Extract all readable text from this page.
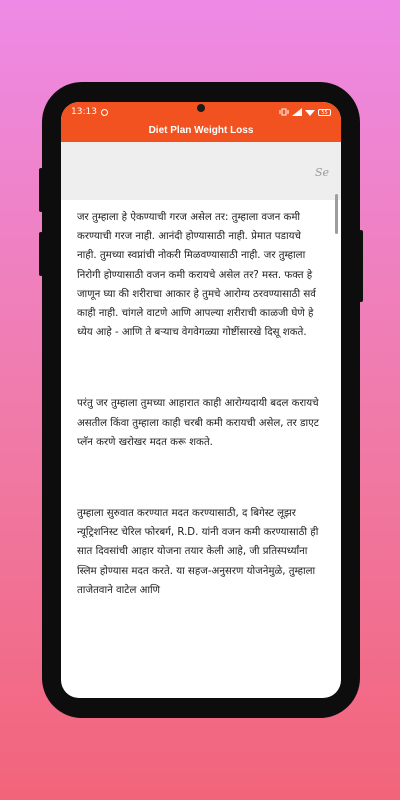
13:13	55
Diet Plan Weight Loss
Se

जर तुम्हाला हे ऐकण्याची गरज असेल तर: तुम्हाला वजन कमी करण्याची गरज नाही. आनंदी होण्यासाठी नाही. प्रेमात पडायचे नाही. तुमच्या स्वप्नांची नोकरी मिळवण्यासाठी नाही. जर तुम्हाला निरोगी होण्यासाठी वजन कमी करायचे असेल तर? मस्त. फक्त हे जाणून घ्या की शरीराचा आकार हे तुमचे आरोग्य ठरवण्यासाठी सर्व काही नाही. चांगले वाटणे आणि आपल्या शरीराची काळजी घेणे हे ध्येय आहे - आणि ते बऱ्याच वेगवेगळ्या गोष्टींसारखे दिसू शकते.

परंतु जर तुम्हाला तुमच्या आहारात काही आरोग्यदायी बदल करायचे असतील किंवा तुम्हाला काही चरबी कमी करायची असेल, तर डाएट प्लॅन करणे खरोखर मदत करू शकते.

तुम्हाला सुरुवात करण्यात मदत करण्यासाठी, द बिगेस्ट लूझर न्यूट्रिशनिस्ट चेरिल फोरबर्ग, R.D. यांनी वजन कमी करण्यासाठी ही सात दिवसांची आहार योजना तयार केली आहे, जी प्रतिस्पर्ध्यांना स्लिम होण्यास मदत करते. या सहज-अनुसरण योजनेमुळे, तुम्हाला ताजेतवाने वाटेल आणि
